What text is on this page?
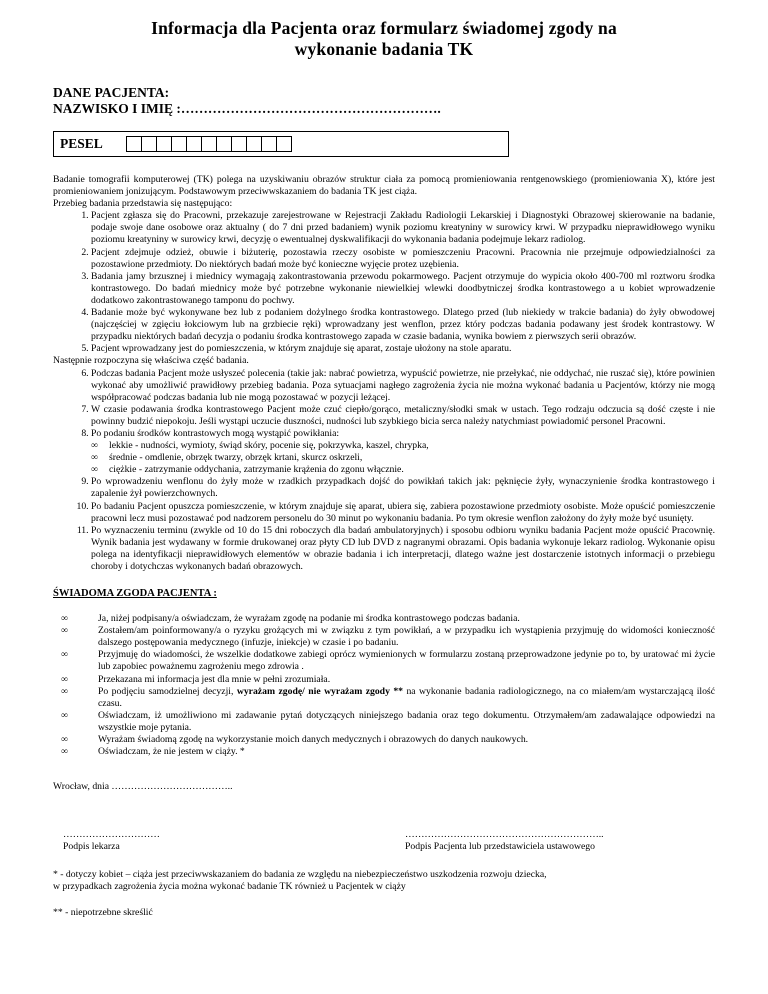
Informacja dla Pacjenta oraz formularz świadomej zgody na
wykonanie badania TK
DANE PACJENTA:
NAZWISKO I IMIĘ :………………………………………………….
PESEL

Badanie tomografii komputerowej (TK) polega na uzyskiwaniu obrazów struktur ciała za pomocą promieniowania rentgenowskiego (promieniowania X), które jest promieniowaniem jonizującym. Podstawowym przeciwwskazaniem do badania TK jest ciąża.

Przebieg badania przedstawia się następująco:

1. Pacjent zgłasza się do Pracowni, przekazuje zarejestrowane w Rejestracji Zakładu Radiologii Lekarskiej i Diagnostyki Obrazowej skierowanie na badanie, podaje swoje dane osobowe oraz aktualny ( do 7 dni przed badaniem) wynik poziomu kreatyniny w surowicy krwi. W przypadku nieprawidłowego wyniku poziomu kreatyniny w surowicy krwi, decyzję o ewentualnej dyskwalifikacji do wykonania badania podejmuje lekarz radiolog.
2. Pacjent zdejmuje odzież, obuwie i biżuterię, pozostawia rzeczy osobiste w pomieszczeniu Pracowni. Pracownia nie przejmuje odpowiedzialności za pozostawione przedmioty. Do niektórych badań może być konieczne wyjęcie protez uzębienia.
3. Badania jamy brzusznej i miednicy wymagają zakontrastowania przewodu pokarmowego. Pacjent otrzymuje do wypicia około 400-700 ml roztworu środka kontrastowego. Do badań miednicy może być potrzebne wykonanie niewielkiej wlewki doodbytniczej środka kontrastowego a u kobiet wprowadzenie dodatkowo zakontrastowanego tamponu do pochwy.
4. Badanie może być wykonywane bez lub z podaniem dożylnego środka kontrastowego. Dlatego przed (lub niekiedy w trakcie badania) do żyły obwodowej (najczęściej w zgięciu łokciowym lub na grzbiecie ręki) wprowadzany jest wenflon, przez który podczas badania podawany jest środek kontrastowy. W przypadku niektórych badań decyzja o podaniu środka kontrastowego zapada w czasie badania, wynika bowiem z pierwszych serii obrazów.
5. Pacjent wprowadzany jest do pomieszczenia, w którym znajduje się aparat, zostaje ułożony na stole aparatu.

Następnie rozpoczyna się właściwa część badania.

6. Podczas badania Pacjent może usłyszeć polecenia (takie jak: nabrać powietrza, wypuścić powietrze, nie przełykać, nie oddychać, nie ruszać się), które powinien wykonać aby umożliwić prawidłowy przebieg badania. Poza sytuacjami nagłego zagrożenia życia nie można wykonać badania u Pacjentów, którzy nie mogą współpracować podczas badania lub nie mogą pozostawać w pozycji leżącej.
7. W czasie podawania środka kontrastowego Pacjent może czuć ciepło/gorąco, metaliczny/słodki smak w ustach. Tego rodzaju odczucia są dość częste i nie powinny budzić niepokoju. Jeśli wystąpi uczucie duszności, nudności lub szybkiego bicia serca należy natychmiast powiadomić personel Pracowni.
8. Po podaniu środków kontrastowych mogą wystąpić powikłania:
∞ lekkie - nudności, wymioty, świąd skóry, pocenie się, pokrzywka, kaszel, chrypka,
∞ średnie - omdlenie, obrzęk twarzy, obrzęk krtani, skurcz oskrzeli,
∞ ciężkie - zatrzymanie oddychania, zatrzymanie krążenia do zgonu włącznie.
9. Po wprowadzeniu wenflonu do żyły może w rzadkich przypadkach dojść do powikłań takich jak: pęknięcie żyły, wynaczynienie środka kontrastowego i zapalenie żył powierzchownych.
10. Po badaniu Pacjent opuszcza pomieszczenie, w którym znajduje się aparat, ubiera się, zabiera pozostawione przedmioty osobiste. Może opuścić pomieszczenie pracowni lecz musi pozostawać pod nadzorem personelu do 30 minut po wykonaniu badania. Po tym okresie wenflon założony do żyły może być usunięty.
11. Po wyznaczeniu terminu (zwykle od 10 do 15 dni roboczych dla badań ambulatoryjnych) i sposobu odbioru wyniku badania Pacjent może opuścić Pracownię. Wynik badania jest wydawany w formie drukowanej oraz płyty CD lub DVD z nagranymi obrazami. Opis badania wykonuje lekarz radiolog. Wykonanie opisu polega na identyfikacji nieprawidłowych elementów w obrazie badania i ich interpretacji, dlatego ważne jest dostarczenie istotnych informacji o przebiegu choroby i dotychczas wykonanych badań obrazowych.
ŚWIADOMA ZGODA PACJENTA :
∞ Ja, niżej podpisany/a oświadczam, że wyrażam zgodę na podanie mi środka kontrastowego podczas badania.
∞ Zostałem/am poinformowany/a o ryzyku grożących mi w związku z tym powikłań, a w przypadku ich wystąpienia przyjmuję do widomości konieczność dalszego postępowania medycznego (infuzje, iniekcje) w czasie i po badaniu.
∞ Przyjmuję do wiadomości, że wszelkie dodatkowe zabiegi oprócz wymienionych w formularzu zostaną przeprowadzone jedynie po to, by uratować mi życie lub zapobiec poważnemu zagrożeniu mego zdrowia .
∞ Przekazana mi informacja jest dla mnie w pełni zrozumiała.
∞ Po podjęciu samodzielnej decyzji, wyrażam zgodę/ nie wyrażam zgody ** na wykonanie badania radiologicznego, na co miałem/am wystarczającą ilość czasu.
∞ Oświadczam, iż umożliwiono mi zadawanie pytań dotyczących niniejszego badania oraz tego dokumentu. Otrzymałem/am zadawalające odpowiedzi na wszystkie moje pytania.
∞ Wyrażam świadomą zgodę na wykorzystanie moich danych medycznych i obrazowych do danych naukowych.
∞ Oświadczam, że nie jestem w ciąży. *
Wrocław, dnia ………………………………..
…………………………
Podpis lekarza
……………………………………………………..
Podpis Pacjenta lub przedstawiciela ustawowego
* - dotyczy kobiet – ciąża jest przeciwwskazaniem do badania ze względu na niebezpieczeństwo uszkodzenia rozwoju dziecka,
w przypadkach zagrożenia życia można wykonać badanie TK również u Pacjentek w ciąży
** - niepotrzebne skreślić
